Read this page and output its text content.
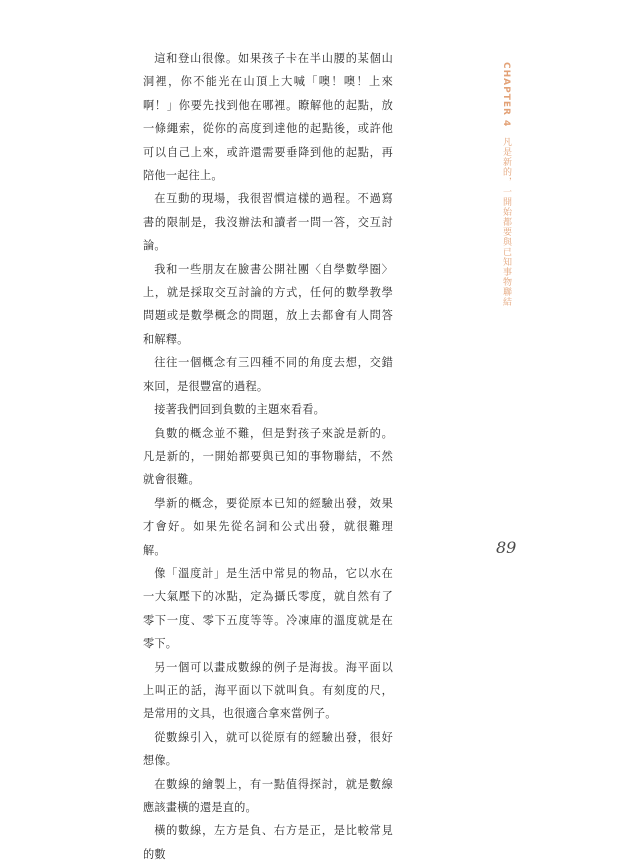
這和登山很像。如果孩子卡在半山腰的某個山洞裡，你不能光在山頂上大喊「噢！噢！上來啊！」你要先找到他在哪裡。瞭解他的起點，放一條繩索，從你的高度到達他的起點後，或許他可以自己上來，或許還需要垂降到他的起點，再陪他一起往上。

在互動的現場，我很習慣這樣的過程。不過寫書的限制是，我沒辦法和讀者一問一答，交互討論。

我和一些朋友在臉書公開社團〈自學數學圈〉上，就是採取交互討論的方式，任何的數學教學問題或是數學概念的問題，放上去都會有人問答和解釋。

往往一個概念有三四種不同的角度去想，交錯來回，是很豐富的過程。

接著我們回到負數的主題來看看。

負數的概念並不難，但是對孩子來說是新的。凡是新的，一開始都要與已知的事物聯結，不然就會很難。

學新的概念，要從原本已知的經驗出發，效果才會好。如果先從名詞和公式出發，就很難理解。

像「溫度計」是生活中常見的物品，它以水在一大氣壓下的冰點，定為攝氏零度，就自然有了零下一度、零下五度等等。冷凍庫的溫度就是在零下。

另一個可以畫成數線的例子是海拔。海平面以上叫正的話，海平面以下就叫負。有刻度的尺，是常用的文具，也很適合拿來當例子。

從數線引入，就可以從原有的經驗出發，很好想像。

在數線的繪製上，有一點值得探討，就是數線應該畫橫的還是直的。

橫的數線，左方是負、右方是正，是比較常見的數

CHAPTER 4 凡是新的，一開始都要與已知事物聯結
89
